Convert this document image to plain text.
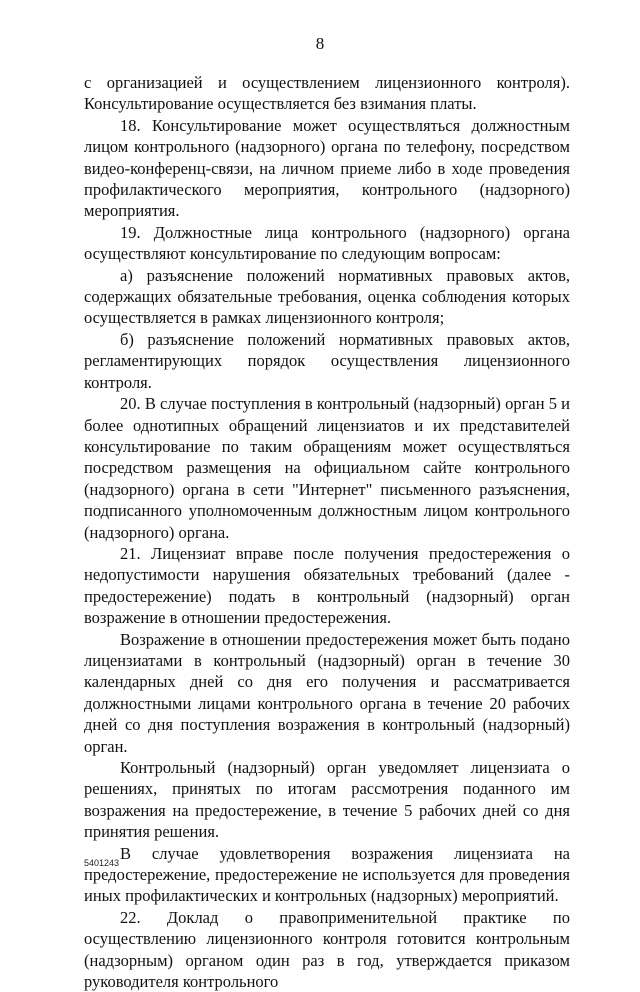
8

с организацией и осуществлением лицензионного контроля). Консультирование осуществляется без взимания платы.

18. Консультирование может осуществляться должностным лицом контрольного (надзорного) органа по телефону, посредством видео-конференц-связи, на личном приеме либо в ходе проведения профилактического мероприятия, контрольного (надзорного) мероприятия.

19. Должностные лица контрольного (надзорного) органа осуществляют консультирование по следующим вопросам:

а) разъяснение положений нормативных правовых актов, содержащих обязательные требования, оценка соблюдения которых осуществляется в рамках лицензионного контроля;

б) разъяснение положений нормативных правовых актов, регламентирующих порядок осуществления лицензионного контроля.

20. В случае поступления в контрольный (надзорный) орган 5 и более однотипных обращений лицензиатов и их представителей консультирование по таким обращениям может осуществляться посредством размещения на официальном сайте контрольного (надзорного) органа в сети "Интернет" письменного разъяснения, подписанного уполномоченным должностным лицом контрольного (надзорного) органа.

21. Лицензиат вправе после получения предостережения о недопустимости нарушения обязательных требований (далее - предостережение) подать в контрольный (надзорный) орган возражение в отношении предостережения.

Возражение в отношении предостережения может быть подано лицензиатами в контрольный (надзорный) орган в течение 30 календарных дней со дня его получения и рассматривается должностными лицами контрольного органа в течение 20 рабочих дней со дня поступления возражения в контрольный (надзорный) орган.

Контрольный (надзорный) орган уведомляет лицензиата о решениях, принятых по итогам рассмотрения поданного им возражения на предостережение, в течение 5 рабочих дней со дня принятия решения.

В случае удовлетворения возражения лицензиата на предостережение, предостережение не используется для проведения иных профилактических и контрольных (надзорных) мероприятий.

22. Доклад о правоприменительной практике по осуществлению лицензионного контроля готовится контрольным (надзорным) органом один раз в год, утверждается приказом руководителя контрольного

5401243
